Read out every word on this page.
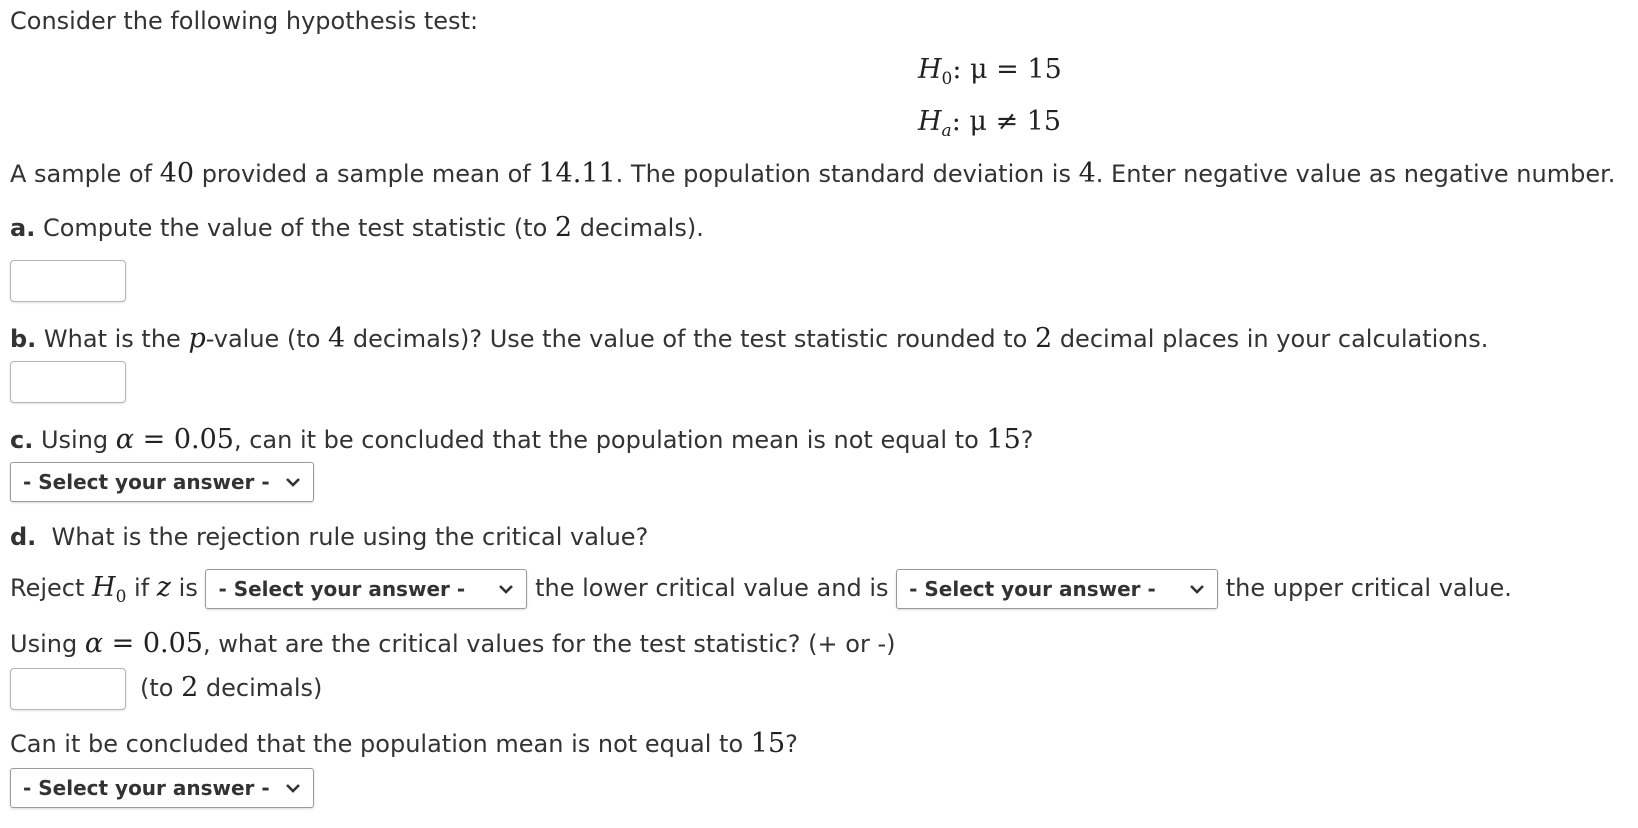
Consider the following hypothesis test:
$H_0$: μ = 15
$H_a$: μ ≠ 15
A sample of 40 provided a sample mean of 14.11. The population standard deviation is 4. Enter negative value as negative number.
a. Compute the value of the test statistic (to 2 decimals).
b. What is the p-value (to 4 decimals)? Use the value of the test statistic rounded to 2 decimal places in your calculations.
c. Using α = 0.05, can it be concluded that the population mean is not equal to 15?
- Select your answer -
d.  What is the rejection rule using the critical value?
Reject $H_0$ if z is - Select your answer -	the lower critical value and is - Select your answer -	the upper critical value.
Using α = 0.05, what are the critical values for the test statistic? (+ or -)
(to 2 decimals)
Can it be concluded that the population mean is not equal to 15?
- Select your answer -
